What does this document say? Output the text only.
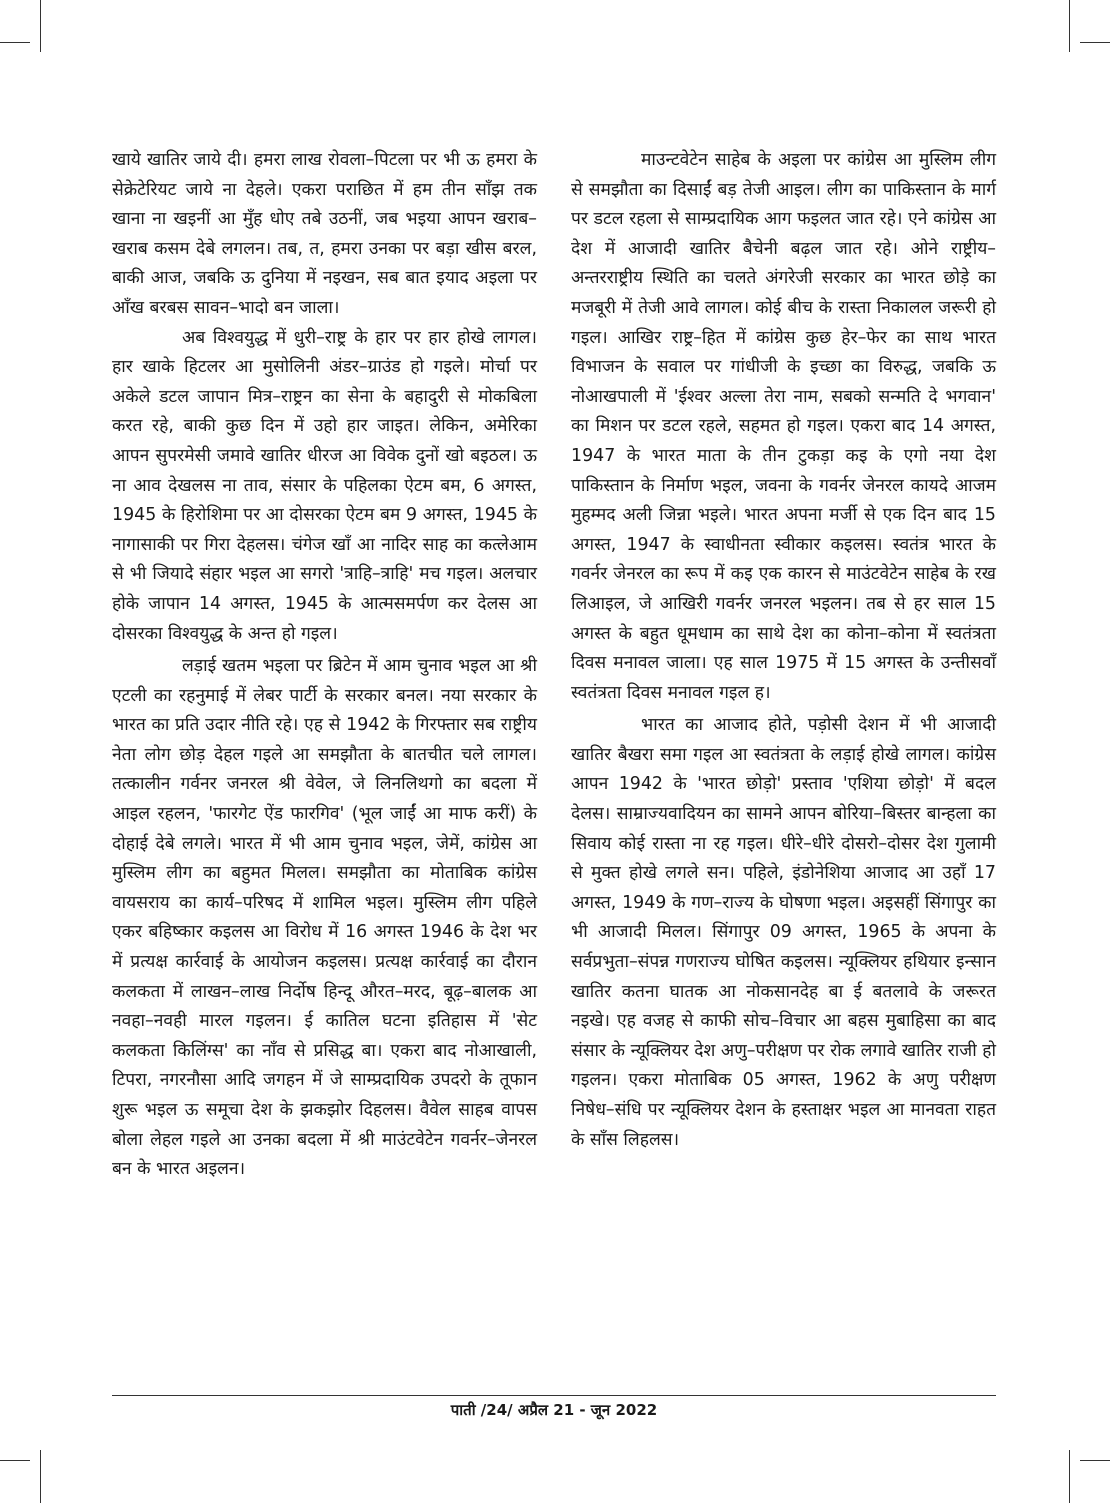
खाये खातिर जाये दी। हमरा लाख रोवला–पिटला पर भी ऊ हमरा के सेक्रेटेरियट जाये ना देहले। एकरा पराछित में हम तीन साँझ तक खाना ना खइनीं आ मुँह धोए तबे उठनीं, जब भइया आपन खराब–खराब कसम देबे लगलन। तब, त, हमरा उनका पर बड़ा खीस बरल, बाकी आज, जबकि ऊ दुनिया में नइखन, सब बात इयाद अइला पर ऑंख बरबस सावन–भादो बन जाला।

अब विश्वयुद्ध में धुरी–राष्ट्र के हार पर हार होखे लागल। हार खाके हिटलर आ मुसोलिनी अंडर–ग्राउंड हो गइले। मोर्चा पर अकेले डटल जापान मित्र–राष्ट्रन का सेना के बहादुरी से मोकबिला करत रहे, बाकी कुछ दिन में उहो हार जाइत। लेकिन, अमेरिका आपन सुपरमेसी जमावे खातिर धीरज आ विवेक दुनों खो बइठल। ऊ ना आव देखलस ना ताव, संसार के पहिलका ऐटम बम, 6 अगस्त, 1945 के हिरोशिमा पर आ दोसरका ऐटम बम 9 अगस्त, 1945 के नागासाकी पर गिरा देहलस। चंगेज खाँ आ नादिर साह का कत्लेआम से भी जियादे संहार भइल आ सगरो 'त्राहि–त्राहि' मच गइल। अलचार होके जापान 14 अगस्त, 1945 के आत्मसमर्पण कर देलस आ दोसरका विश्वयुद्ध के अन्त हो गइल।

लड़ाई खतम भइला पर ब्रिटेन में आम चुनाव भइल आ श्री एटली का रहनुमाई में लेबर पार्टी के सरकार बनल। नया सरकार के भारत का प्रति उदार नीति रहे। एह से 1942 के गिरफ्तार सब राष्ट्रीय नेता लोग छोड़ देहल गइले आ समझौता के बातचीत चले लागल। तत्कालीन गर्वनर जनरल श्री वेवेल, जे लिनलिथगो का बदला में आइल रहलन, 'फारगेट ऐंड फारगिव' (भूल जाईं आ माफ करीं) के दोहाई देबे लगले। भारत में भी आम चुनाव भइल, जेमें, कांग्रेस आ मुस्लिम लीग का बहुमत मिलल। समझौता का मोताबिक कांग्रेस वायसराय का कार्य–परिषद में शामिल भइल। मुस्लिम लीग पहिले एकर बहिष्कार कइलस आ विरोध में 16 अगस्त 1946 के देश भर में प्रत्यक्ष कार्रवाई के आयोजन कइलस। प्रत्यक्ष कार्रवाई का दौरान कलकता में लाखन–लाख निर्दोष हिन्दू औरत–मरद, बूढ़–बालक आ नवहा–नवही मारल गइलन। ई कातिल घटना इतिहास में 'सेट कलकता किलिंग्स' का नाँव से प्रसिद्ध बा। एकरा बाद नोआखाली, टिपरा, नगरनौसा आदि जगहन में जे साम्प्रदायिक उपदरो के तूफान शुरू भइल ऊ समूचा देश के झकझोर दिहलस। वैवेल साहब वापस बोला लेहल गइले आ उनका बदला में श्री माउंटवेटेन गवर्नर–जेनरल बन के भारत अइलन।

माउन्टवेटेन साहेब के अइला पर कांग्रेस आ मुस्लिम लीग से समझौता का दिसाईं बड़ तेजी आइल। लीग का पाकिस्तान के मार्ग पर डटल रहला से साम्प्रदायिक आग फइलत जात रहे। एने कांग्रेस आ देश में आजादी खातिर बैचेनी बढ़ल जात रहे। ओने राष्ट्रीय–अन्तरराष्ट्रीय स्थिति का चलते अंगरेजी सरकार का भारत छोड़े का मजबूरी में तेजी आवे लागल। कोई बीच के रास्ता निकालल जरूरी हो गइल। आखिर राष्ट्र–हित में कांग्रेस कुछ हेर–फेर का साथ भारत विभाजन के सवाल पर गांधीजी के इच्छा का विरुद्ध, जबकि ऊ नोआखपाली में 'ईश्वर अल्ला तेरा नाम, सबको सन्मति दे भगवान' का मिशन पर डटल रहले, सहमत हो गइल। एकरा बाद 14 अगस्त, 1947 के भारत माता के तीन टुकड़ा कइ के एगो नया देश पाकिस्तान के निर्माण भइल, जवना के गवर्नर जेनरल कायदे आजम मुहम्मद अली जिन्ना भइले। भारत अपना मर्जी से एक दिन बाद 15 अगस्त, 1947 के स्वाधीनता स्वीकार कइलस। स्वतंत्र भारत के गवर्नर जेनरल का रूप में कइ एक कारन से माउंटवेटेन साहेब के रख लिआइल, जे आखिरी गवर्नर जनरल भइलन। तब से हर साल 15 अगस्त के बहुत धूमधाम का साथे देश का कोना–कोना में स्वतंत्रता दिवस मनावल जाला। एह साल 1975 में 15 अगस्त के उन्तीसवाँ स्वतंत्रता दिवस मनावल गइल ह।

भारत का आजाद होते, पड़ोसी देशन में भी आजादी खातिर बैखरा समा गइल आ स्वतंत्रता के लड़ाई होखे लागल। कांग्रेस आपन 1942 के 'भारत छोड़ो' प्रस्ताव 'एशिया छोड़ो' में बदल देलस। साम्राज्यवादियन का सामने आपन बोरिया–बिस्तर बान्हला का सिवाय कोई रास्ता ना रह गइल। धीरे–धीरे दोसरो–दोसर देश गुलामी से मुक्त होखे लगले सन। पहिले, इंडोनेशिया आजाद आ उहाँ 17 अगस्त, 1949 के गण–राज्य के घोषणा भइल। अइसहीं सिंगापुर का भी आजादी मिलल। सिंगापुर 09 अगस्त, 1965 के अपना के सर्वप्रभुता–संपन्न गणराज्य घोषित कइलस। न्यूक्लियर हथियार इन्सान खातिर कतना घातक आ नोकसानदेह बा ई बतलावे के जरूरत नइखे। एह वजह से काफी सोच–विचार आ बहस मुबाहिसा का बाद संसार के न्यूक्लियर देश अणु–परीक्षण पर रोक लगावे खातिर राजी हो गइलन। एकरा मोताबिक 05 अगस्त, 1962 के अणु परीक्षण निषेध–संधि पर न्यूक्लियर देशन के हस्ताक्षर भइल आ मानवता राहत के साँस लिहलस।

पाती /24/ अप्रैल 21 - जून 2022
